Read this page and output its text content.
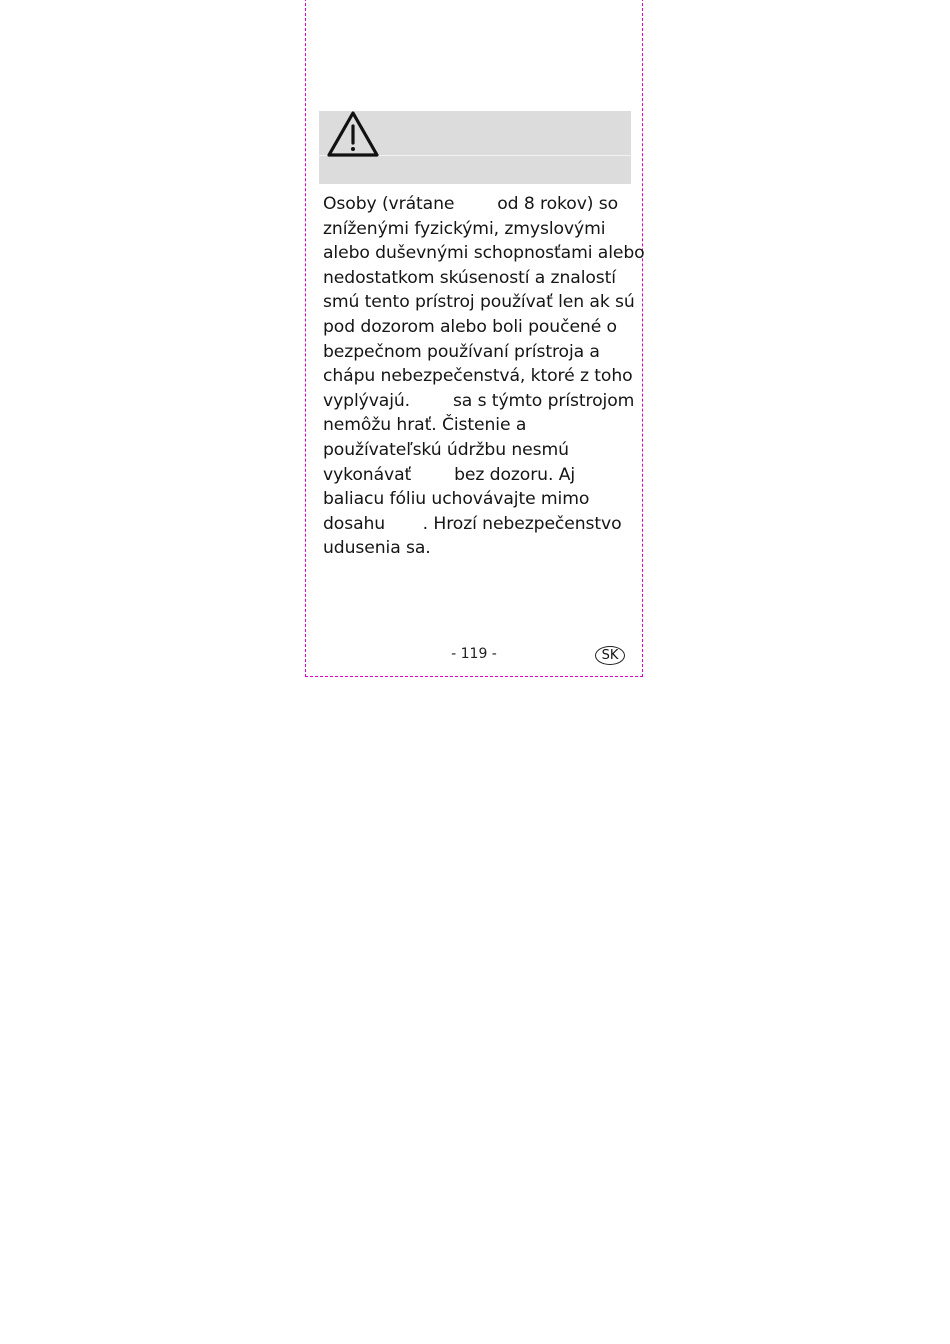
Osoby (vrátane        od 8 rokov) so
zníženými fyzickými, zmyslovými
alebo duševnými schopnosťami alebo
nedostatkom skúseností a znalostí
smú tento prístroj používať len ak sú
pod dozorom alebo boli poučené o
bezpečnom používaní prístroja a
chápu nebezpečenstvá, ktoré z toho
vyplývajú.        sa s týmto prístrojom
nemôžu hrať. Čistenie a
používateľskú údržbu nesmú
vykonávať        bez dozoru. Aj
baliacu fóliu uchovávajte mimo
dosahu       . Hrozí nebezpečenstvo
udusenia sa.
- 119 -	SK
